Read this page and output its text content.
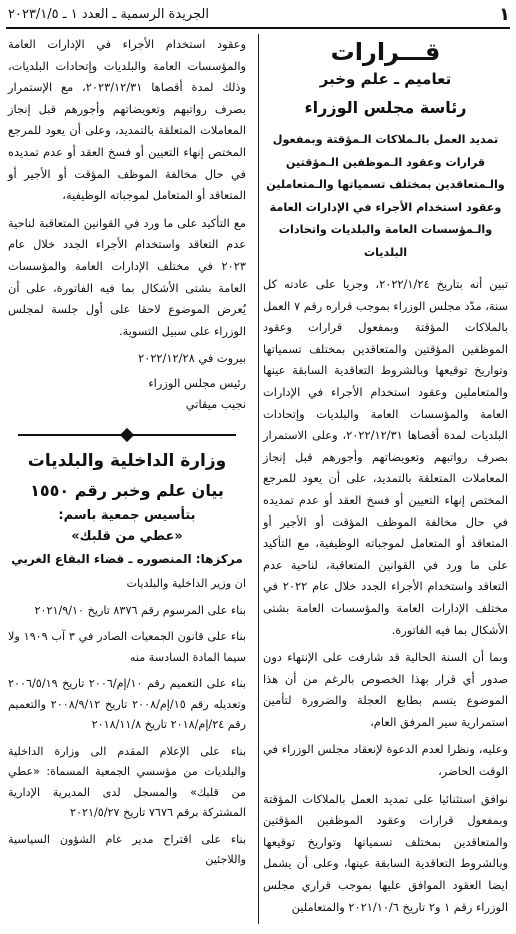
١
الجريدة الرسمية ـ العدد ١ ـ ٢٠٢٣/١/٥
قـــرارات
تعاميم ـ علم وخبر
رئاسة مجلس الوزراء
تمديد العمل بالـملاكات الـمؤقتة وبمفعول قرارات وعقود الـموظفين الـمؤقتين والـمتعاقدين بمختلف تسمياتها والـمتعاملين وعقود استخدام الأجراء في الإدارات العامة والـمؤسسات العامة والبلديات واتحادات البلديات

تبين أنه بتاريخ ٢٠٢٢/١/٢٤، وجريا على عادته كل سنة، مدّد مجلس الوزراء بموجب قراره رقم ٧ العمل بالملاكات المؤقتة وبمفعول قرارات وعقود الموظفين المؤقتين والمتعاقدين بمختلف تسمياتها وتواريخ توقيعها وبالشروط التعاقدية السابقة عينها والمتعاملين وعقود استخدام الأجراء في الإدارات العامة والمؤسسات العامة والبلديات وإتحادات البلديات لمدة أقصاها ٢٠٢٢/١٢/٣١، وعلى الاستمرار بصرف رواتبهم وتعويضاتهم وأجورهم قبل إنجاز المعاملات المتعلقة بالتمديد، على أن يعود للمرجع المختص إنهاء التعيين أو فسخ العقد أو عدم تمديده في حال مخالفة الموظف المؤقت أو الأجير أو المتعاقد أو المتعامل لموجباته الوظيفية، مع التأكيد على ما ورد في القوانين المتعاقبة، لناحية عدم التعاقد واستخدام الأجراء الجدد خلال عام ٢٠٢٢ في مختلف الإدارات العامة والمؤسسات العامة بشتى الأشكال بما فيه الفاتورة.

وبما أن السنة الحالية قد شارفت على الإنتهاء دون صدور أي قرار بهذا الخصوص بالرغم من أن هذا الموضوع يتسم بطابع العجلة والضرورة لتأمين استمرارية سير المرفق العام،

وعليه، ونظرا لعدم الدعوة لإنعقاد مجلس الوزراء في الوقت الحاضر،

نوافق استثنائيا على تمديد العمل بالملاكات المؤقتة وبمفعول قرارات وعقود الموظفين المؤقتين والمتعاقدين بمختلف تسمياتها وتواريخ توقيعها وبالشروط التعاقدية السابقة عينها، وعلى أن يشمل ايضا العقود الموافق عليها بموجب قراري مجلس الوزراء رقم ١ و٢ تاريخ ٢٠٢١/١٠/٦ والمتعاملين

وعقود استخدام الأجراء في الإدارات العامة والمؤسسات العامة والبلديات وإتحادات البلديات، وذلك لمدة أقصاها ٢٠٢٣/١٢/٣١، مع الإستمرار بصرف رواتبهم وتعويضاتهم وأجورهم قبل إنجاز المعاملات المتعلقة بالتمديد، وعلى أن يعود للمرجع المختص إنهاء التعيين أو فسخ العقد أو عدم تمديده في حال مخالفة الموظف المؤقت أو الأجير أو المتعاقد أو المتعامل لموجباته الوظيفية،

مع التأكيد على ما ورد في القوانين المتعاقبة لناحية عدم التعاقد واستخدام الأجراء الجدد خلال عام ٢٠٢٣ في مختلف الإدارات العامة والمؤسسات العامة بشتى الأشكال بما فيه الفاتورة، على أن يُعرض الموضوع لاحقا على أول جلسة لمجلس الوزراء على سبيل التسوية.

بيروت في ٢٠٢٢/١٢/٢٨
رئيس مجلس الوزراء
نجيب ميقاتي
وزارة الداخلية والبلديات
بيان علم وخبر رقم ١٥٥٠
بتأسيس جمعية باسم:
«عطي من قلبك»
مركزها: المنصوره ـ قضاء البقاع الغربي
ان وزير الداخلية والبلديات
بناء على المرسوم رقم ٨٣٧٦ تاريخ ٢٠٢١/٩/١٠
بناء على قانون الجمعيات الصادر في ٣ آب ١٩٠٩ ولا سيما المادة السادسة منه
بناء على التعميم رقم ١٠/إم/٢٠٠٦ تاريخ ٢٠٠٦/٥/١٩ وتعديله رقم ١٥/إم/٢٠٠٨ تاريخ ٢٠٠٨/٩/١٢ والتعميم رقم ٢٤/إم/٢٠١٨ تاريخ ٢٠١٨/١١/٨
بناء على الإعلام المقدم الى وزارة الداخلية والبلديات من مؤسسي الجمعية المسماة: «عطي من قلبك» والمسجل لدى المديرية الإدارية المشتركة برقم ٧٦٧٦ تاريخ ٢٠٢١/٥/٢٧
بناء على اقتراح مدير عام الشؤون السياسية واللاجئين
